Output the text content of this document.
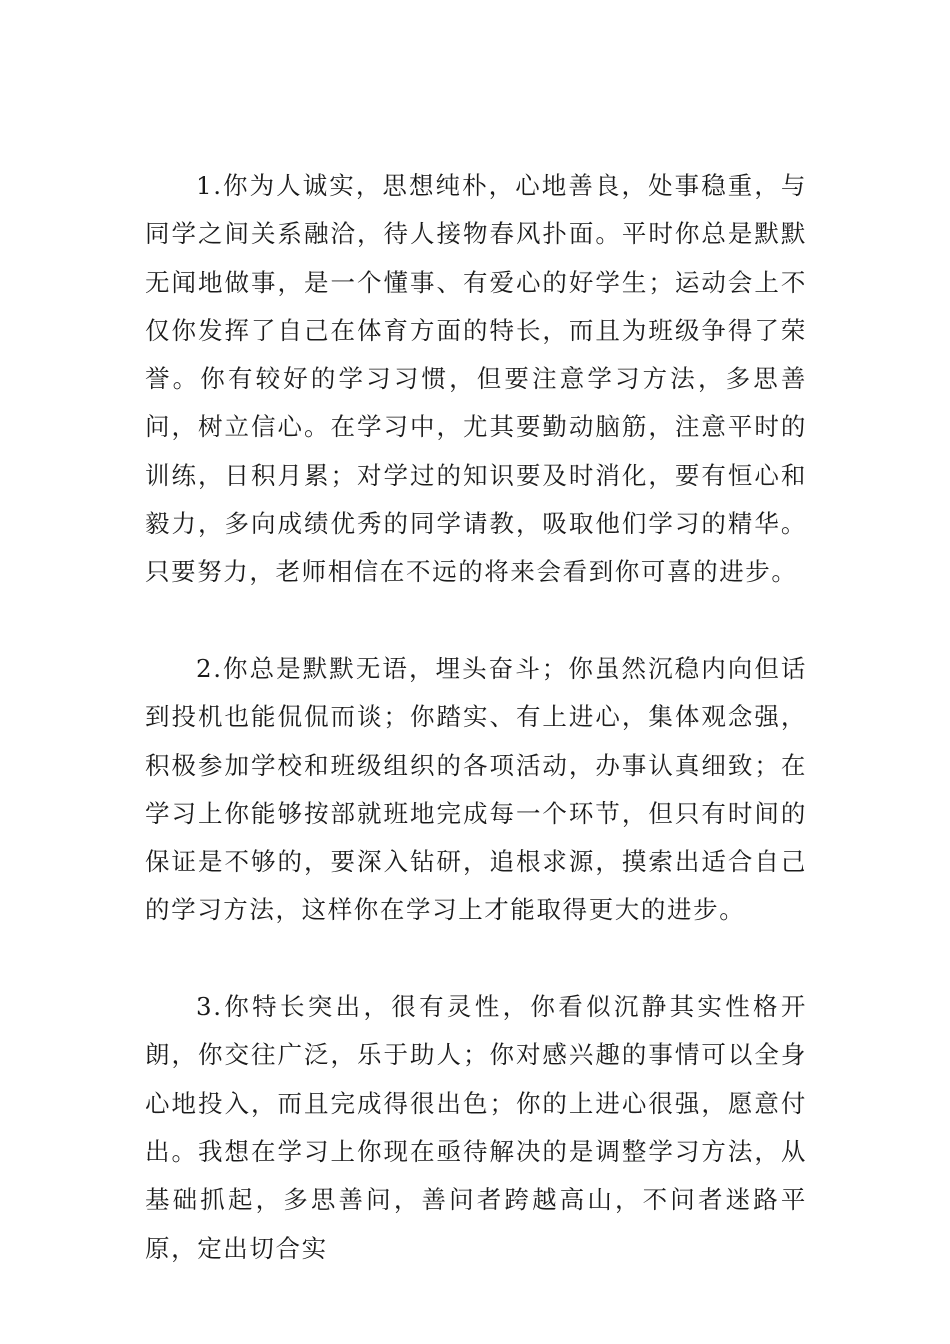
1.你为人诚实，思想纯朴，心地善良，处事稳重，与同学之间关系融洽，待人接物春风扑面。平时你总是默默无闻地做事，是一个懂事、有爱心的好学生；运动会上不仅你发挥了自己在体育方面的特长，而且为班级争得了荣誉。你有较好的学习习惯，但要注意学习方法，多思善问，树立信心。在学习中，尤其要勤动脑筋，注意平时的训练，日积月累；对学过的知识要及时消化，要有恒心和毅力，多向成绩优秀的同学请教，吸取他们学习的精华。只要努力，老师相信在不远的将来会看到你可喜的进步。

2.你总是默默无语，埋头奋斗；你虽然沉稳内向但话到投机也能侃侃而谈；你踏实、有上进心，集体观念强，积极参加学校和班级组织的各项活动，办事认真细致；在学习上你能够按部就班地完成每一个环节，但只有时间的保证是不够的，要深入钻研，追根求源，摸索出适合自己的学习方法，这样你在学习上才能取得更大的进步。

3.你特长突出，很有灵性，你看似沉静其实性格开朗，你交往广泛，乐于助人；你对感兴趣的事情可以全身心地投入，而且完成得很出色；你的上进心很强，愿意付出。我想在学习上你现在亟待解决的是调整学习方法，从基础抓起，多思善问，善问者跨越高山，不问者迷路平原，定出切合实
